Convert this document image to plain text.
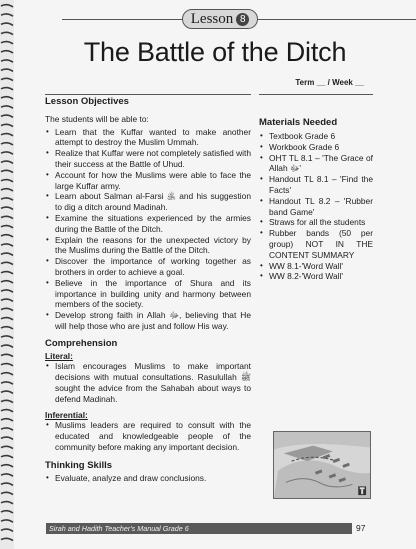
Lesson 8
The Battle of the Ditch
Term __ / Week __
Lesson Objectives
The students will be able to:
• Learn that the Kuffar wanted to make another attempt to destroy the Muslim Ummah.
• Realize that Kuffar were not completely satisfied with their success at the Battle of Uhud.
• Account for how the Muslims were able to face the large Kuffar army.
• Learn about Salman al-Farsi ﵁ and his suggestion to dig a ditch around Madinah.
• Examine the situations experienced by the armies during the Battle of the Ditch.
• Explain the reasons for the unexpected victory by the Muslims during the Battle of the Ditch.
• Discover the importance of working together as brothers in order to achieve a goal.
• Believe in the importance of Shura and its importance in building unity and harmony between members of the society.
• Develop strong faith in Allah ﷻ, believing that He will help those who are just and follow His way.
Comprehension
Literal:
• Islam encourages Muslims to make important decisions with mutual consultations. Rasulullah ﷺ sought the advice from the Sahabah about ways to defend Madinah.
Inferential:
• Muslims leaders are required to consult with the educated and knowledgeable people of the community before making any important decision.
Thinking Skills
• Evaluate, analyze and draw conclusions.
Materials Needed
• Textbook Grade 6
• Workbook Grade 6
• OHT TL 8.1 – 'The Grace of Allah ﷻ'
• Handout TL 8.1 – 'Find the Facts'
• Handout TL 8.2 – 'Rubber band Game'
• Straws for all the students
• Rubber bands (50 per group) NOT IN THE CONTENT SUMMARY
• WW 8.1-'Word Wall'
• WW 8.2-'Word Wall'
Sirah and Hadith Teacher's Manual Grade 6	97
